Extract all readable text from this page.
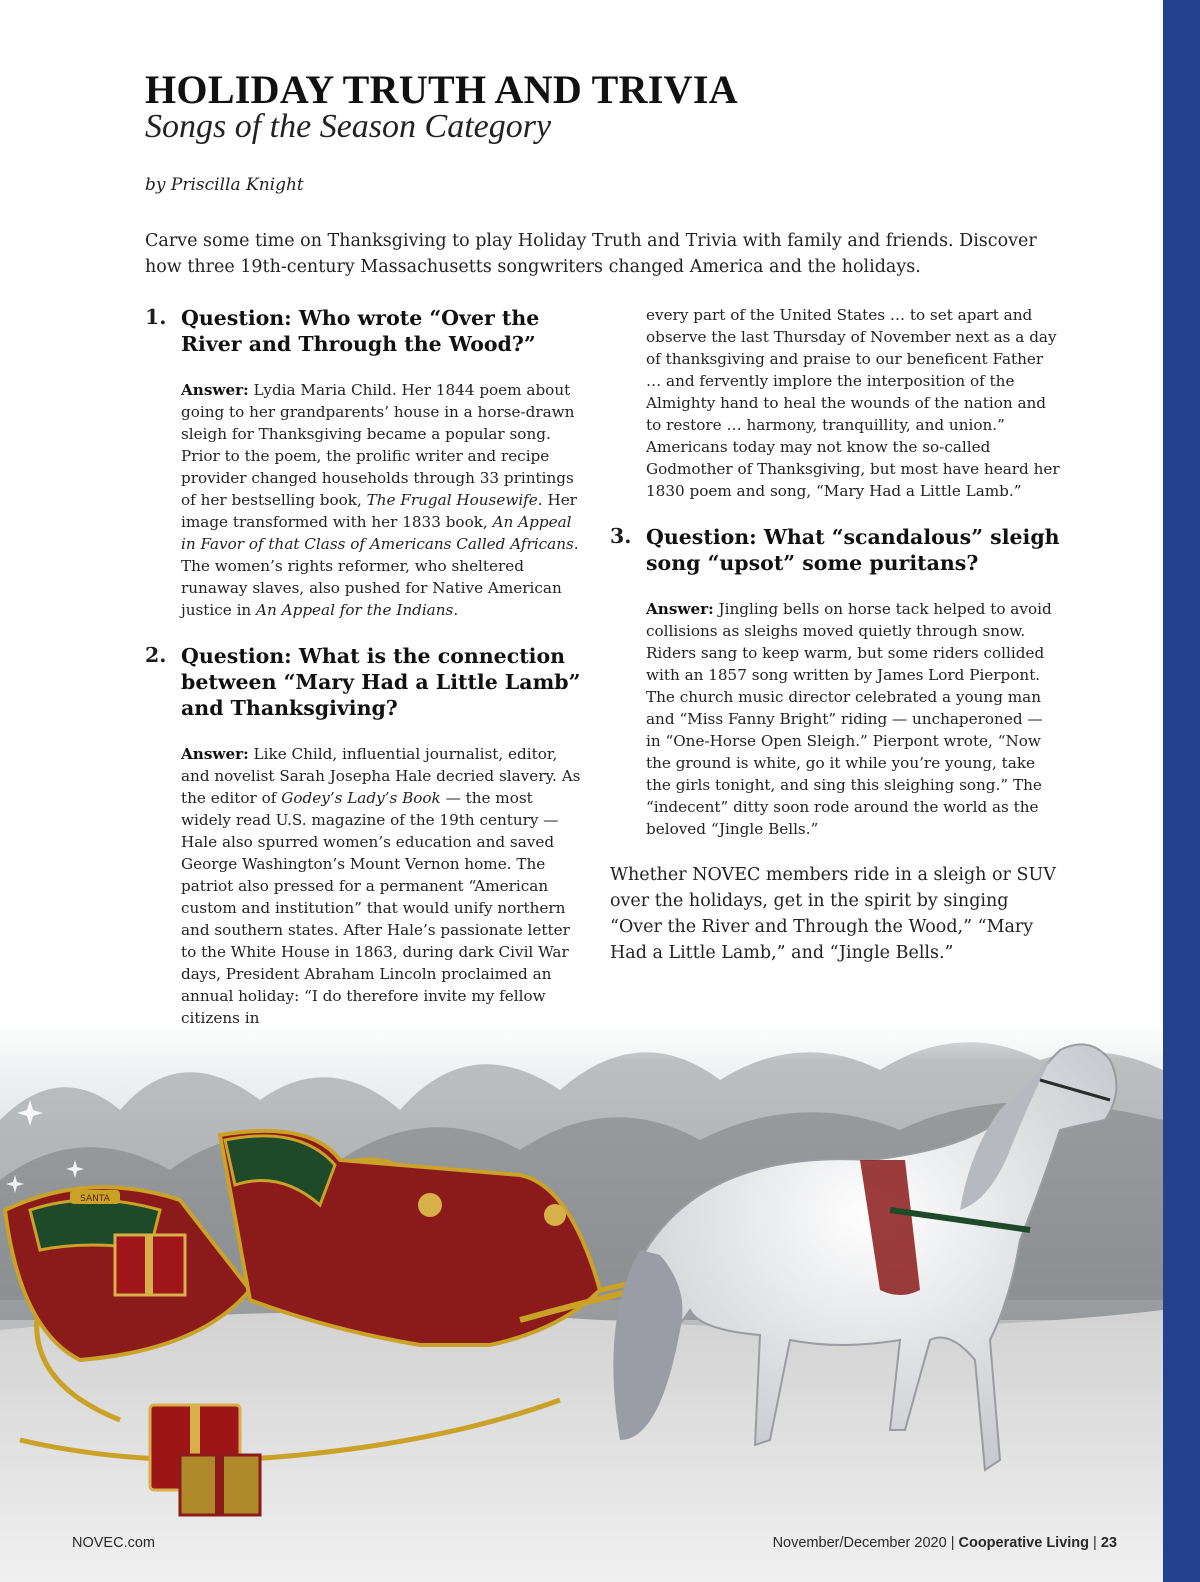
HOLIDAY TRUTH AND TRIVIA
Songs of the Season Category
by Priscilla Knight

Carve some time on Thanksgiving to play Holiday Truth and Trivia with family and friends. Discover how three 19th-century Massachusetts songwriters changed America and the holidays.

SANTA
1. Question: Who wrote “Over the River and Through the Wood?”

Answer: Lydia Maria Child. Her 1844 poem about going to her grandparents’ house in a horse-drawn sleigh for Thanksgiving became a popular song. Prior to the poem, the prolific writer and recipe provider changed households through 33 printings of her bestselling book, The Frugal Housewife. Her image transformed with her 1833 book, An Appeal in Favor of that Class of Americans Called Africans. The women’s rights reformer, who sheltered runaway slaves, also pushed for Native American justice in An Appeal for the Indians.

2. Question: What is the connection between “Mary Had a Little Lamb” and Thanksgiving?

Answer: Like Child, influential journalist, editor, and novelist Sarah Josepha Hale decried slavery. As the editor of Godey’s Lady’s Book — the most widely read U.S. magazine of the 19th century — Hale also spurred women’s education and saved George Washington’s Mount Vernon home. The patriot also pressed for a permanent “American custom and institution” that would unify northern and southern states. After Hale’s passionate letter to the White House in 1863, during dark Civil War days, President Abraham Lincoln proclaimed an annual holiday: “I do therefore invite my fellow citizens in

every part of the United States … to set apart and observe the last Thursday of November next as a day of thanksgiving and praise to our beneficent Father … and fervently implore the interposition of the Almighty hand to heal the wounds of the nation and to restore … harmony, tranquillity, and union.” Americans today may not know the so-called Godmother of Thanksgiving, but most have heard her 1830 poem and song, “Mary Had a Little Lamb.”

3. Question: What “scandalous” sleigh song “upsot” some puritans?

Answer: Jingling bells on horse tack helped to avoid collisions as sleighs moved quietly through snow. Riders sang to keep warm, but some riders collided with an 1857 song written by James Lord Pierpont. The church music director celebrated a young man and “Miss Fanny Bright” riding — unchaperoned — in “One-Horse Open Sleigh.” Pierpont wrote, “Now the ground is white, go it while you’re young, take the girls tonight, and sing this sleighing song.” The “indecent” ditty soon rode around the world as the beloved “Jingle Bells.”

Whether NOVEC members ride in a sleigh or SUV over the holidays, get in the spirit by singing “Over the River and Through the Wood,” “Mary Had a Little Lamb,” and “Jingle Bells.”

NOVEC.com	November/December 2020 | Cooperative Living | 23
